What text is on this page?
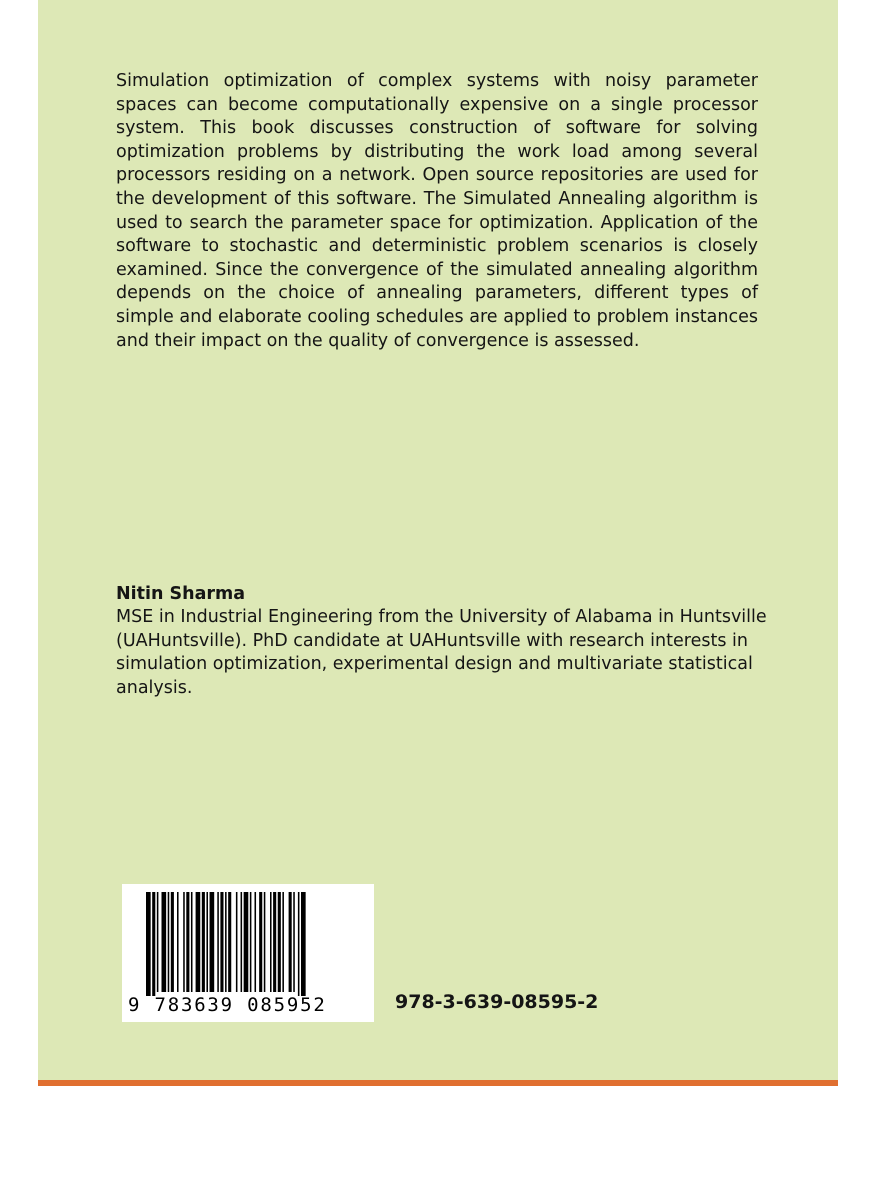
Simulation optimization of complex systems with noisy parameter spaces can become computationally expensive on a single processor system. This book discusses construction of software for solving optimization problems by distributing the work load among several processors residing on a network. Open source repositories are used for the development of this software. The Simulated Annealing algorithm is used to search the parameter space for optimization. Application of the software to stochastic and deterministic problem scenarios is closely examined. Since the convergence of the simulated annealing algorithm depends on the choice of annealing parameters, different types of simple and elaborate cooling schedules are applied to problem instances and their impact on the quality of convergence is assessed.

Nitin Sharma

MSE in Industrial Engineering from the University of Alabama in Huntsville (UAHuntsville). PhD candidate at UAHuntsville with research interests in simulation optimization, experimental design and multivariate statistical analysis.

9 783639 085952	978-3-639-08595-2
